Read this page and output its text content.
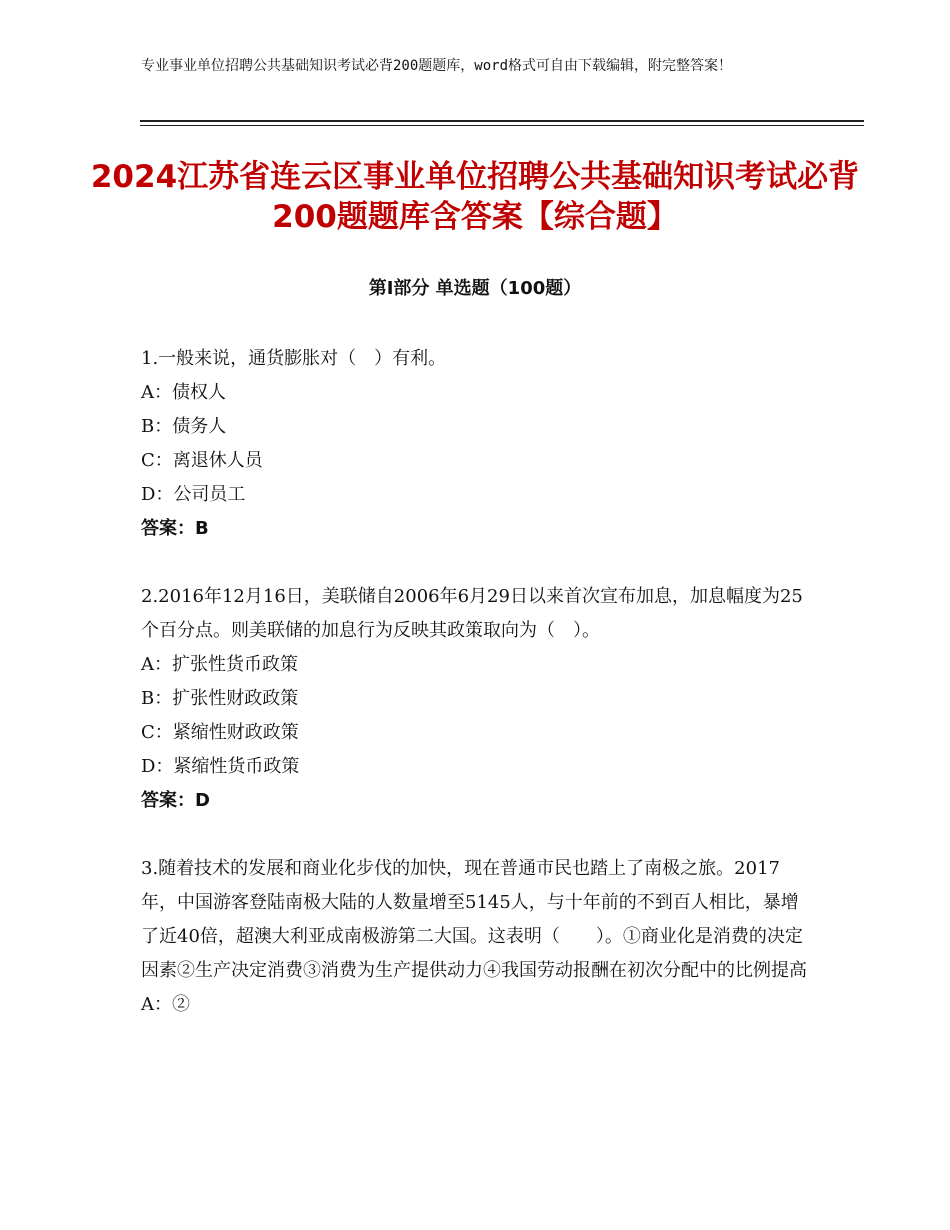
专业事业单位招聘公共基础知识考试必背200题题库，word格式可自由下载编辑，附完整答案！
2024江苏省连云区事业单位招聘公共基础知识考试必背200题题库含答案【综合题】
第Ⅰ部分 单选题（100题）
1.一般来说，通货膨胀对（　）有利。
A：债权人
B：债务人
C：离退休人员
D：公司员工
答案：B
2.2016年12月16日，美联储自2006年6月29日以来首次宣布加息，加息幅度为25个百分点。则美联储的加息行为反映其政策取向为（　）。
A：扩张性货币政策
B：扩张性财政政策
C：紧缩性财政政策
D：紧缩性货币政策
答案：D
3.随着技术的发展和商业化步伐的加快，现在普通市民也踏上了南极之旅。2017年，中国游客登陆南极大陆的人数量增至5145人，与十年前的不到百人相比，暴增了近40倍，超澳大利亚成南极游第二大国。这表明（　　）。①商业化是消费的决定因素②生产决定消费③消费为生产提供动力④我国劳动报酬在初次分配中的比例提高
A：②
